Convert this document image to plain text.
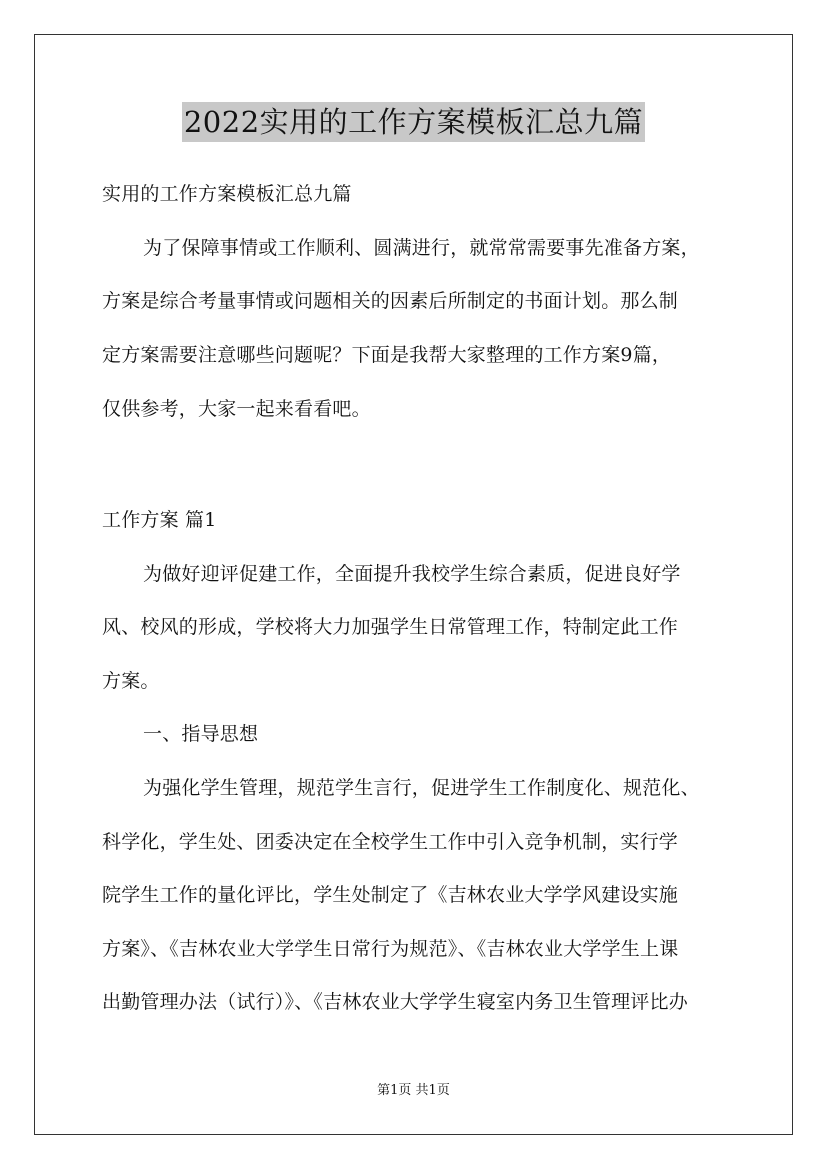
2022实用的工作方案模板汇总九篇
实用的工作方案模板汇总九篇
为了保障事情或工作顺利、圆满进行，就常常需要事先准备方案，
方案是综合考量事情或问题相关的因素后所制定的书面计划。那么制
定方案需要注意哪些问题呢？下面是我帮大家整理的工作方案9篇，
仅供参考，大家一起来看看吧。
工作方案 篇1
为做好迎评促建工作，全面提升我校学生综合素质，促进良好学
风、校风的形成，学校将大力加强学生日常管理工作，特制定此工作
方案。
一、指导思想
为强化学生管理，规范学生言行，促进学生工作制度化、规范化、
科学化，学生处、团委决定在全校学生工作中引入竞争机制，实行学
院学生工作的量化评比，学生处制定了《吉林农业大学学风建设实施
方案》、《吉林农业大学学生日常行为规范》、《吉林农业大学学生上课
出勤管理办法（试行）》、《吉林农业大学学生寝室内务卫生管理评比办
第1页 共1页
